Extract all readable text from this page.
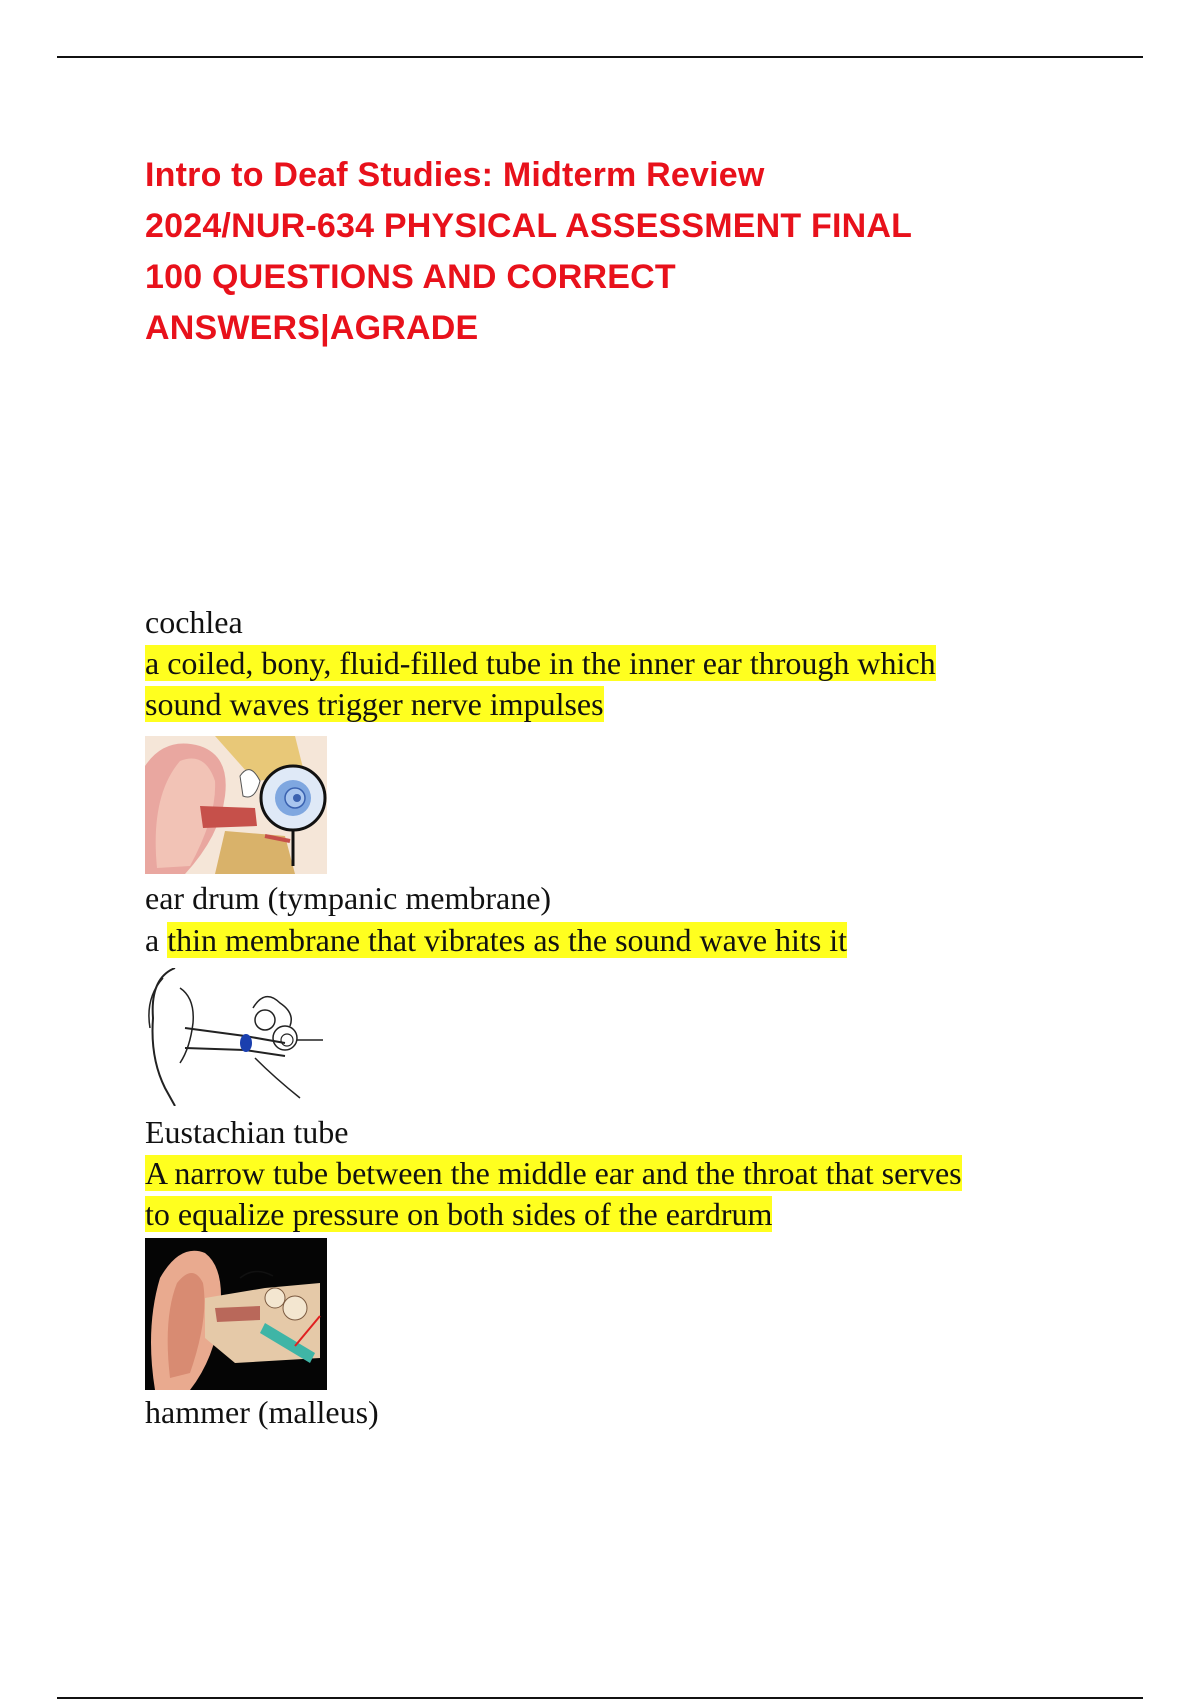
Intro to Deaf Studies: Midterm Review
2024/NUR-634 PHYSICAL ASSESSMENT FINAL
100 QUESTIONS AND CORRECT
ANSWERS|AGRADE

cochlea

a coiled, bony, fluid-filled tube in the inner ear through which

sound waves trigger nerve impulses

ear drum (tympanic membrane)

a thin membrane that vibrates as the sound wave hits it

Eustachian tube

A narrow tube between the middle ear and the throat that serves

to equalize pressure on both sides of the eardrum

hammer (malleus)
